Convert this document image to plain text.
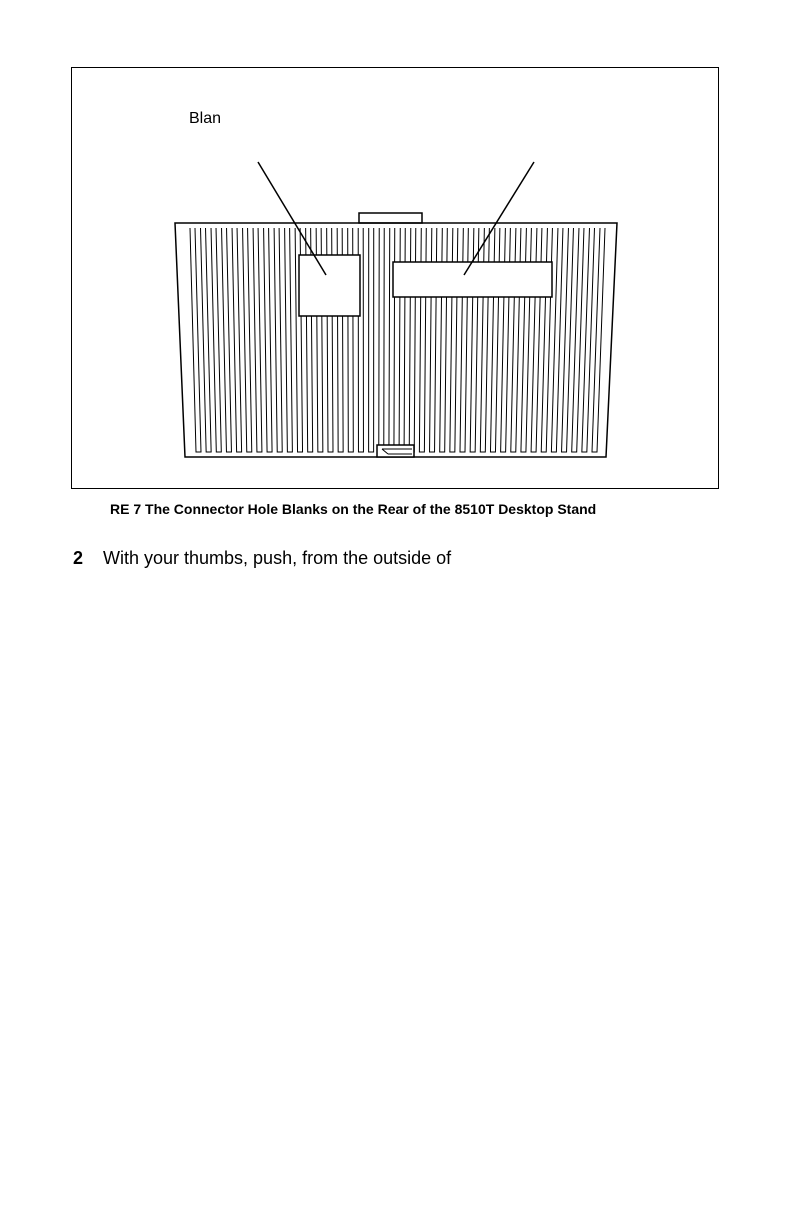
Blan
RE 7 The Connector Hole Blanks on the Rear of the 8510T Desktop Stand
2 With your thumbs, push, from the outside of
